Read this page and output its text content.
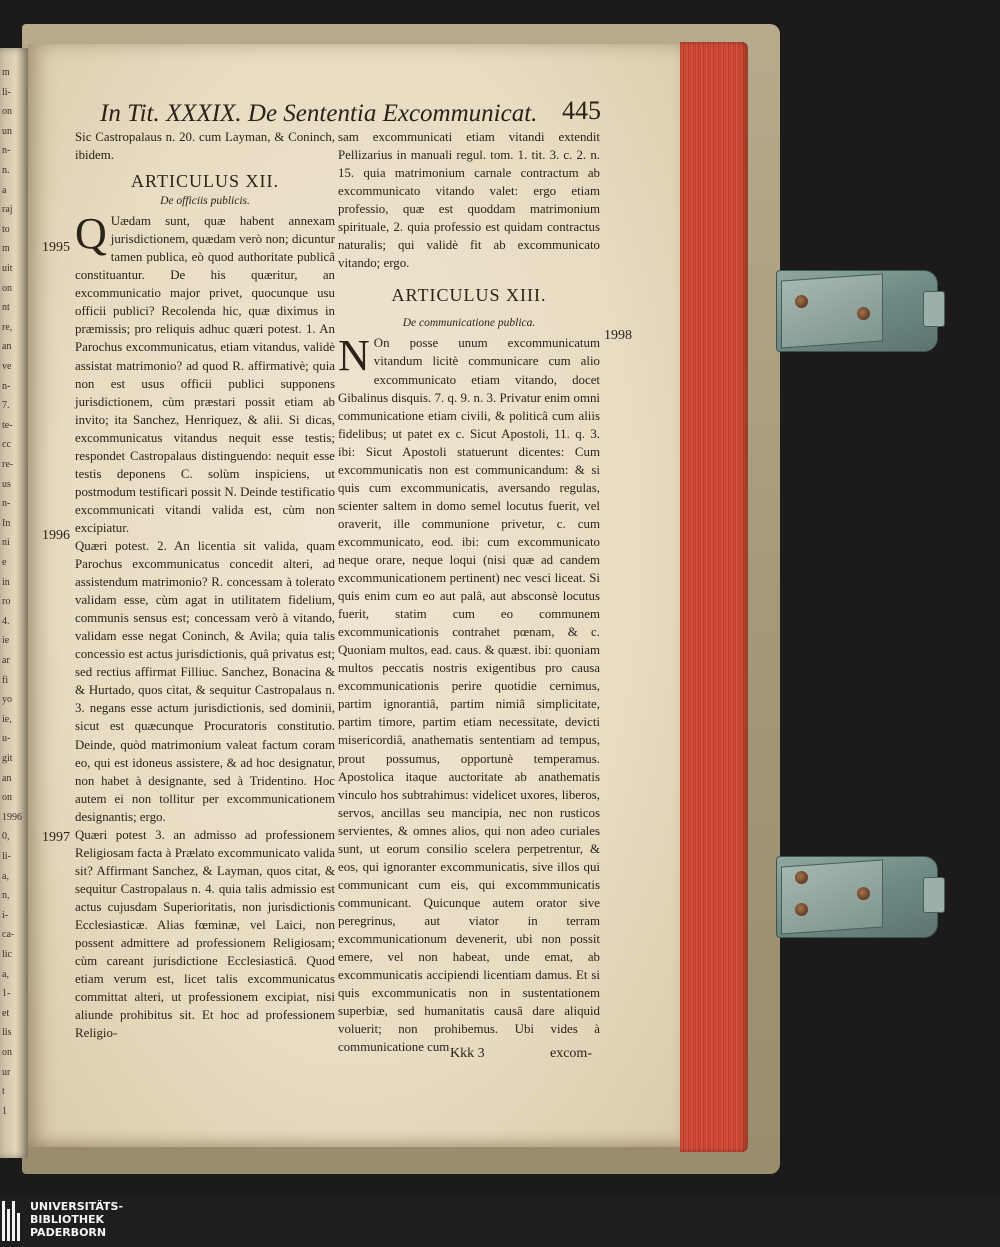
m
li-
on
un
n-
n.
a
raj
to
m
uit
on
nt
re,
an
ve
n-
7.
te-
cc
re-
us
n-
In
ni
e
in
ro
4.
ie
ar
fi
yo
ie,
u-
git
an
on
1996
0,
li-
a,
n,
i-
ca-
lic
a,
1-
et
lis
on
ur
t
1
In Tit. XXXIX. De Sententia Excommunicat. 445

Sic Castropalaus n. 20. cum Layman, & Coninch, ibidem.

ARTICULUS XII.
De officiis publicis.

Q Uædam sunt, quæ habent annexam jurisdictionem, quædam verò non; dicuntur tamen publica, eò quod authoritate publicâ constituantur. De his quæritur, an excommunicatio major privet, quocunque usu officii publici? Recolenda hic, quæ diximus in præmissis; pro reliquis adhuc quæri potest. 1. An Parochus excommunicatus, etiam vitandus, validè assistat matrimonio? ad quod R. affirmativè; quia non est usus officii publici supponens jurisdictionem, cùm præstari possit etiam ab invito; ita Sanchez, Henriquez, & alii. Si dicas, excommunicatus vitandus nequit esse testis; respondet Castropalaus distinguendo: nequit esse testis deponens C. solùm inspiciens, ut postmodum testificari possit N. Deinde testificatio excommunicati vitandi valida est, cùm non excipiatur.

Quæri potest. 2. An licentia sit valida, quam Parochus excommunicatus concedit alteri, ad assistendum matrimonio? R. concessam à tolerato validam esse, cùm agat in utilitatem fidelium, communis sensus est; concessam verò à vitando, validam esse negat Coninch, & Avila; quia talis concessio est actus jurisdictionis, quâ privatus est; sed rectius affirmat Filliuc. Sanchez, Bonacina & & Hurtado, quos citat, & sequitur Castropalaus n. 3. negans esse actum jurisdictionis, sed dominii, sicut est quæcunque Procuratoris constitutio. Deinde, quòd matrimonium valeat factum coram eo, qui est idoneus assistere, & ad hoc designatur, non habet à designante, sed à Tridentino. Hoc autem ei non tollitur per excommunicationem designantis; ergo.

Quæri potest 3. an admisso ad professionem Religiosam facta à Prælato excommunicato valida sit? Affirmant Sanchez, & Layman, quos citat, & sequitur Castropalaus n. 4. quia talis admissio est actus cujusdam Superioritatis, non jurisdictionis Ecclesiasticæ. Alias fœminæ, vel Laici, non possent admittere ad professionem Religiosam; cùm careant jurisdictione Ecclesiasticâ. Quod etiam verum est, licet talis excommunicatus committat alteri, ut professionem excipiat, nisi aliunde prohibitus sit. Et hoc ad professionem Religio-

sam excommunicati etiam vitandi extendit Pellizarius in manuali regul. tom. 1. tit. 3. c. 2. n. 15. quia matrimonium carnale contractum ab excommunicato vitando valet: ergo etiam professio, quæ est quoddam matrimonium spirituale, 2. quia professio est quidam contractus naturalis; qui validè fit ab excommunicato vitando; ergo.

ARTICULUS XIII.
De communicatione publica.

N On posse unum excommunicatum vitandum licitè communicare cum alio excommunicato etiam vitando, docet Gibalinus disquis. 7. q. 9. n. 3. Privatur enim omni communicatione etiam civili, & politicâ cum aliis fidelibus; ut patet ex c. Sicut Apostoli, 11. q. 3. ibi: Sicut Apostoli statuerunt dicentes: Cum excommunicatis non est communicandum: & si quis cum excommunicatis, aversando regulas, scienter saltem in domo semel locutus fuerit, vel oraverit, ille communione privetur, c. cum excommunicato, eod. ibi: cum excommunicato neque orare, neque loqui (nisi quæ ad candem excommunicationem pertinent) nec vesci liceat. Si quis enim cum eo aut palâ, aut absconsè locutus fuerit, statim cum eo communem excommunicationis contrahet pœnam, & c. Quoniam multos, ead. caus. & quæst. ibi: quoniam multos peccatis nostris exigentibus pro causa excommunicationis perire quotidie cernimus, partim ignorantiâ, partim nimiâ simplicitate, partim timore, partim etiam necessitate, devicti misericordiâ, anathematis sententiam ad tempus, prout possumus, opportunè temperamus. Apostolica itaque auctoritate ab anathematis vinculo hos subtrahimus: videlicet uxores, liberos, servos, ancillas seu mancipia, nec non rusticos servientes, & omnes alios, qui non adeo curiales sunt, ut eorum consilio scelera perpetrentur, & eos, qui ignoranter excommunicatis, sive illos qui communicant cum eis, qui excommmunicatis communicant. Quicunque autem orator sive peregrinus, aut viator in terram excommunicationum devenerit, ubi non possit emere, vel non habeat, unde emat, ab excommunicatis accipiendi licentiam damus. Et si quis excommunicatis non in sustentationem superbiæ, sed humanitatis causâ dare aliquid voluerit; non prohibemus. Ubi vides à communicatione cum

1995
1996
1997
1998
Kkk 3	excom-
UNIVERSITÄTS-
BIBLIOTHEK
PADERBORN
